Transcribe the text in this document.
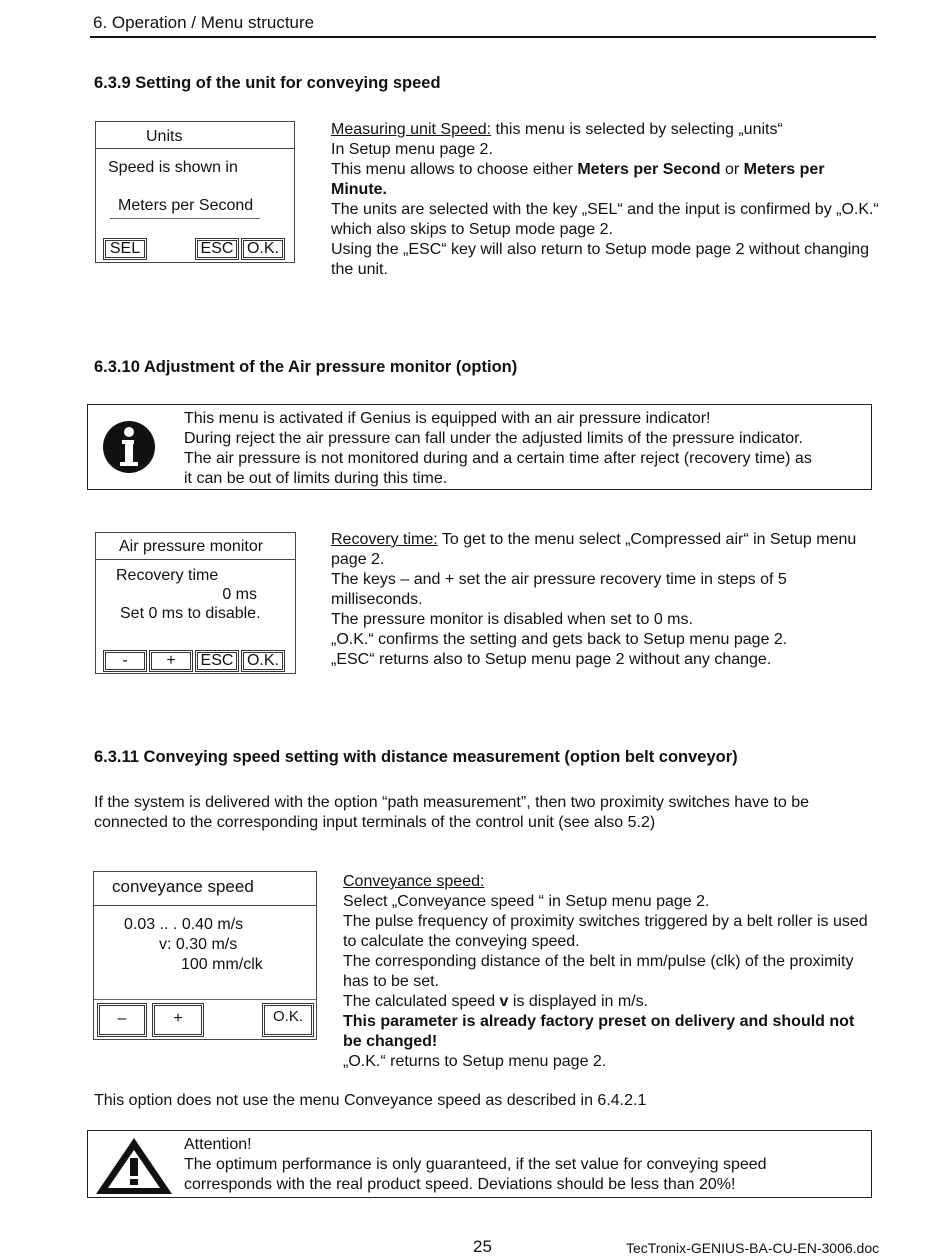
6. Operation / Menu structure
6.3.9 Setting of the unit for conveying speed
Units
Speed is shown in
Meters per Second
SEL	ESC O.K.

Measuring unit Speed: this menu is selected by selecting „units“

In Setup menu page 2.

This menu allows to choose either Meters per Second or Meters per Minute.

The units are selected with the key „SEL“ and the input is confirmed by „O.K.“ which also skips to Setup mode page 2.

Using the „ESC“ key will also return to Setup mode page 2 without changing the unit.

6.3.10 Adjustment of the Air pressure monitor (option)

This menu is activated if Genius is equipped with an air pressure indicator!

During reject the air pressure can fall under the adjusted limits of the pressure indicator.

The air pressure is not monitored during and a certain time after reject (recovery time) as

it can be out of limits during this time.

Air pressure monitor
Recovery time
0 ms
Set 0 ms to disable.
-	+	ESC O.K.

Recovery time: To get to the menu select „Compressed air“ in Setup menu page 2.

The keys – and + set the air pressure recovery time in steps of 5 milliseconds.

The pressure monitor is disabled when set to 0 ms.

„O.K.“ confirms the setting and gets back to Setup menu page 2.

„ESC“ returns also to Setup menu page 2 without any change.

6.3.11 Conveying speed setting with distance measurement (option belt conveyor)

If the system is delivered with the option “path measurement”, then two proximity switches have to be connected to the corresponding input terminals of the control unit (see also 5.2)

conveyance speed
0.03 .. . 0.40 m/s
v: 0.30 m/s
100 mm/clk
–	+	O.K.

Conveyance speed:

Select „Conveyance speed “ in Setup menu page 2.

The pulse frequency of proximity switches triggered by a belt roller is used to calculate the conveying speed.

The corresponding distance of the belt in mm/pulse (clk) of the proximity has to be set.

The calculated speed v is displayed in m/s.

This parameter is already factory preset on delivery and should not be changed!

„O.K.“ returns to Setup menu page 2.

This option does not use the menu Conveyance speed as described in 6.4.2.1

Attention!

The optimum performance is only guaranteed, if the set value for conveying speed

corresponds with the real product speed. Deviations should be less than 20%!

25	TecTronix-GENIUS-BA-CU-EN-3006.doc
